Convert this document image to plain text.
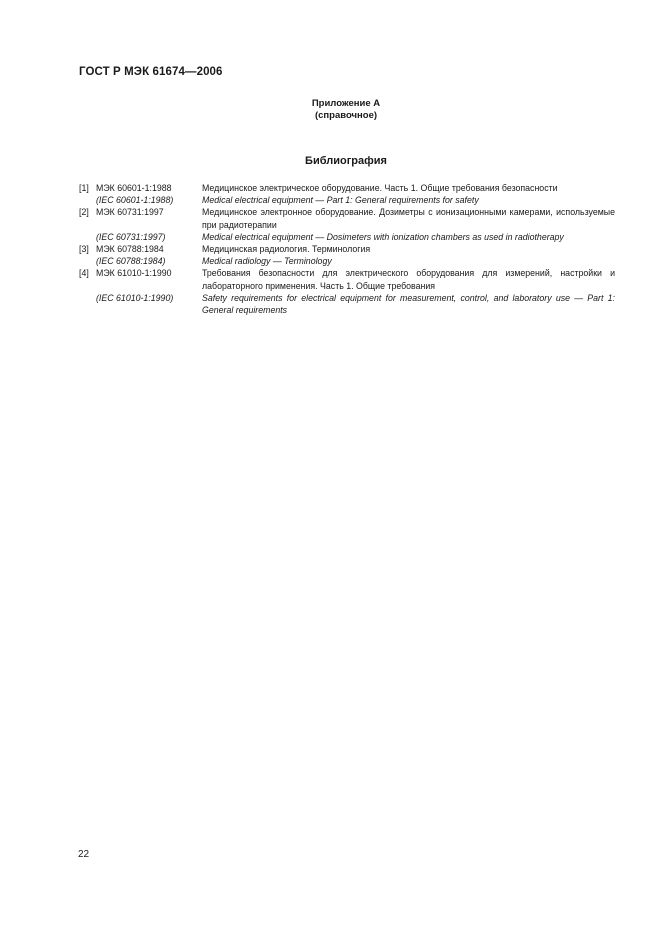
ГОСТ Р МЭК 61674—2006
Приложение А
(справочное)
Библиография
[1] МЭК 60601-1:1988	Медицинское электрическое оборудование. Часть 1. Общие требования безопасности
(IEC 60601-1:1988)	Medical electrical equipment — Part 1: General requirements for safety
[2] МЭК 60731:1997	Медицинское электронное оборудование. Дозиметры с ионизационными камерами, используемые при радиотерапии
(IEC 60731:1997)	Medical electrical equipment — Dosimeters with ionization chambers as used in radiotherapy
[3] МЭК 60788:1984	Медицинская радиология. Терминология
(IEC 60788:1984)	Medical radiology — Terminology
[4] МЭК 61010-1:1990	Требования безопасности для электрического оборудования для измерений, настройки и лабораторного применения. Часть 1. Общие требования
(IEC 61010-1:1990)	Safety requirements for electrical equipment for measurement, control, and laboratory use — Part 1: General requirements
22
